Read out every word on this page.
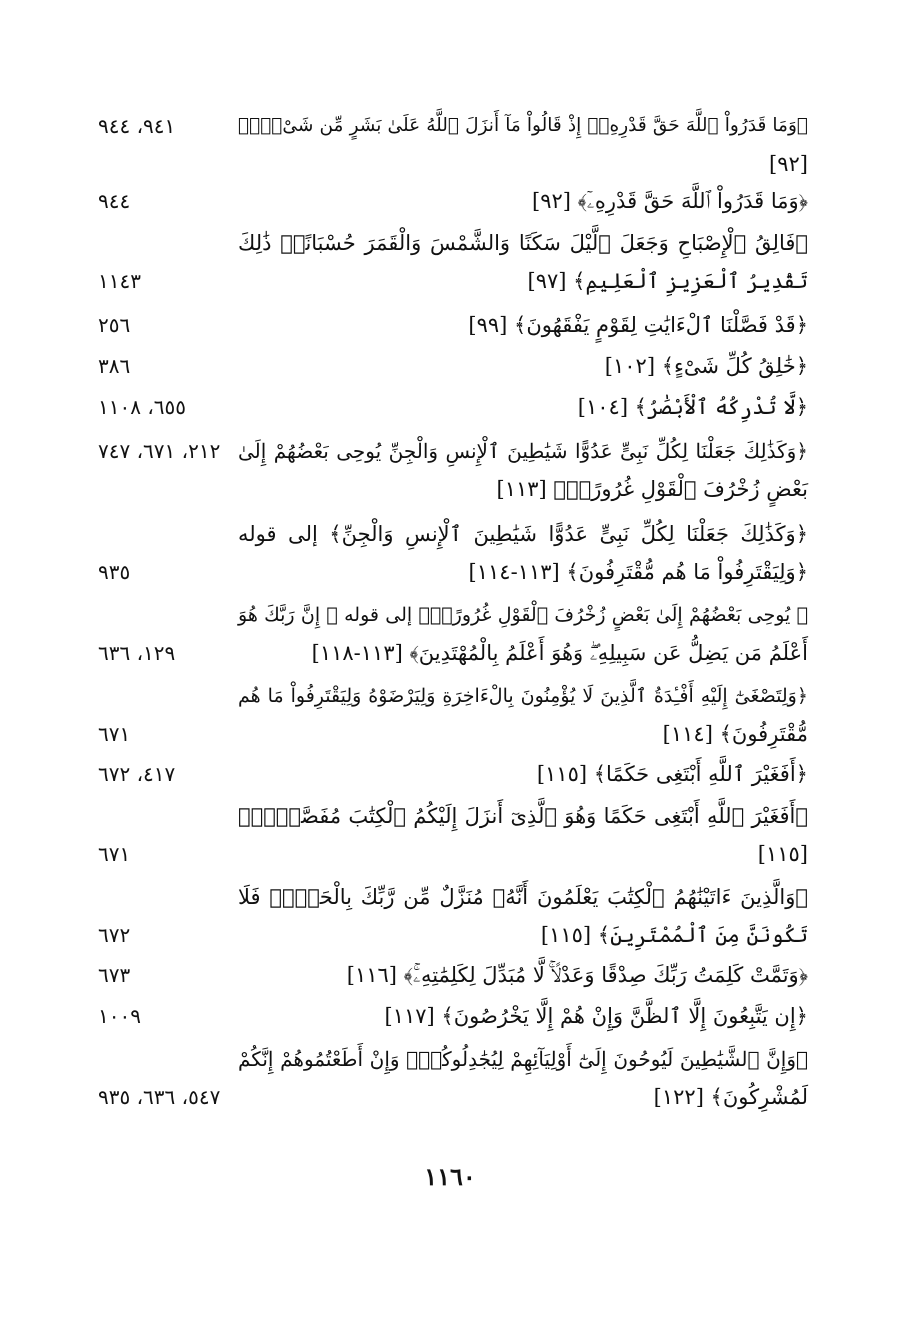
﴿وَمَا قَدَرُواْ ٱللَّهَ حَقَّ قَدْرِهِۦٓ إِذْ قَالُواْ مَآ أَنزَلَ ٱللَّهُ عَلَىٰ بَشَرٍ مِّن شَىْءٍۗ﴾
٩٤١، ٩٤٤
[٩٢]
﴿وَمَا قَدَرُواْ ٱللَّهَ حَقَّ قَدْرِهِۦٓ﴾ [٩٢]
٩٤٤
﴿فَالِقُ ٱلْإِصْبَاحِ وَجَعَلَ ٱلَّيْلَ سَكَنًا وَالشَّمْسَ وَالْقَمَرَ حُسْبَانًاۚ ذَٰلِكَ
تَقْدِيرُ ٱلْعَزِيزِ ٱلْعَلِيمِ﴾ [٩٧]
١١٤٣
﴿قَدْ فَصَّلْنَا ٱلْءَايَٰتِ لِقَوْمٍ يَفْقَهُونَ﴾ [٩٩]
٢٥٦
﴿خَٰلِقُ كُلِّ شَىْءٍ﴾ [١٠٢]
٣٨٦
﴿لَّا تُدْرِكُهُ ٱلْأَبْصَٰرُ﴾ [١٠٤]
٦٥٥، ١١٠٨
﴿وَكَذَٰلِكَ جَعَلْنَا لِكُلِّ نَبِىٍّ عَدُوًّا شَيَٰطِينَ ٱلْإِنسِ وَالْجِنِّ يُوحِى بَعْضُهُمْ إِلَىٰ
٢١٢، ٦٧١، ٧٤٧
بَعْضٍ زُخْرُفَ ٱلْقَوْلِ غُرُورًاۚ﴾ [١١٣]
﴿وَكَذَٰلِكَ جَعَلْنَا لِكُلِّ نَبِىٍّ عَدُوًّا شَيَٰطِينَ ٱلْإِنسِ وَالْجِنِّ﴾ إلى قوله
﴿وَلِيَقْتَرِفُواْ مَا هُم مُّقْتَرِفُونَ﴾ [١١٣-١١٤]
٩٣٥
﴿ يُوحِى بَعْضُهُمْ إِلَىٰ بَعْضٍ زُخْرُفَ ٱلْقَوْلِ غُرُورًاۚ﴾ إلى قوله ﴿ إِنَّ رَبَّكَ هُوَ
أَعْلَمُ مَن يَضِلُّ عَن سَبِيلِهِۦۖ وَهُوَ أَعْلَمُ بِالْمُهْتَدِينَ﴾ [١١٣-١١٨]
١٢٩، ٦٣٦
﴿وَلِتَصْغَىٰٓ إِلَيْهِ أَفْـِٔدَةُ ٱلَّذِينَ لَا يُؤْمِنُونَ بِالْءَاخِرَةِ وَلِيَرْضَوْهُ وَلِيَقْتَرِفُواْ مَا هُم
مُّقْتَرِفُونَ﴾ [١١٤]
٦٧١
﴿أَفَغَيْرَ ٱللَّهِ أَبْتَغِى حَكَمًا﴾ [١١٥]
٤١٧، ٦٧٢
﴿أَفَغَيْرَ ٱللَّهِ أَبْتَغِى حَكَمًا وَهُوَ ٱلَّذِىٓ أَنزَلَ إِلَيْكُمُ ٱلْكِتَٰبَ مُفَصَّلًاۚ﴾
[١١٥]
٦٧١
﴿وَالَّذِينَ ءَاتَيْنَٰهُمُ ٱلْكِتَٰبَ يَعْلَمُونَ أَنَّهُۥ مُنَزَّلٌ مِّن رَّبِّكَ بِالْحَقِّۖ فَلَا
تَكُونَنَّ مِنَ ٱلْمُمْتَرِينَ﴾ [١١٥]
٦٧٢
﴿وَتَمَّتْ كَلِمَتُ رَبِّكَ صِدْقًا وَعَدْلًاۚ لَّا مُبَدِّلَ لِكَلِمَٰتِهِۦۚ﴾ [١١٦]
٦٧٣
﴿إِن يَتَّبِعُونَ إِلَّا ٱلظَّنَّ وَإِنْ هُمْ إِلَّا يَخْرُصُونَ﴾ [١١٧]
١٠٠٩
﴿وَإِنَّ ٱلشَّيَٰطِينَ لَيُوحُونَ إِلَىٰٓ أَوْلِيَآئِهِمْ لِيُجَٰدِلُوكُمْۖ وَإِنْ أَطَعْتُمُوهُمْ إِنَّكُمْ
لَمُشْرِكُونَ﴾ [١٢٢]
٥٤٧، ٦٣٦، ٩٣٥
١١٦٠
